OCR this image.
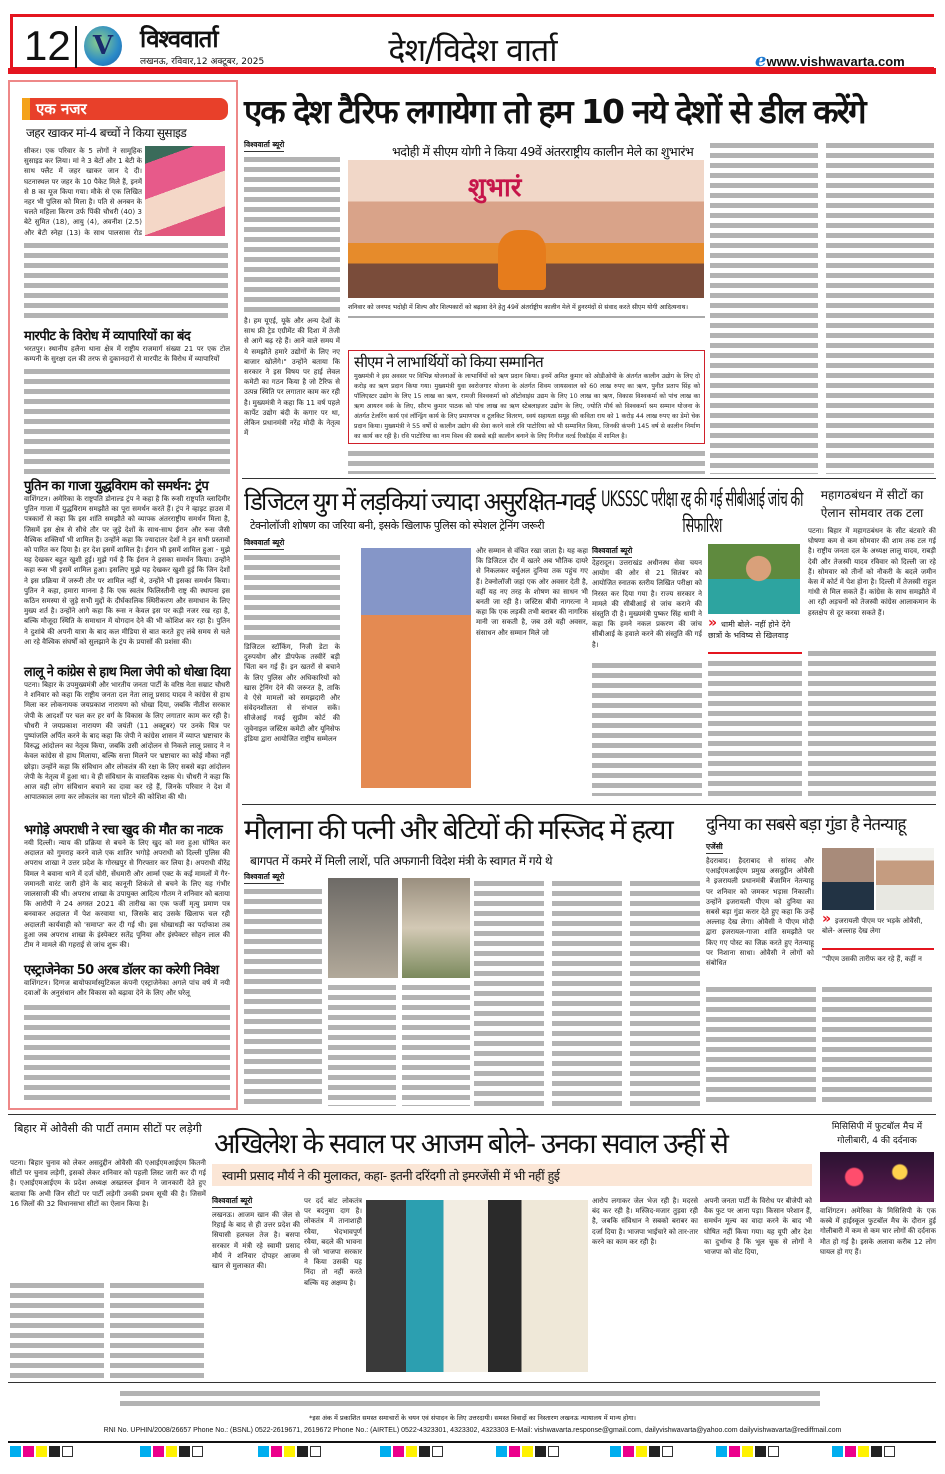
12 V	विश्ववार्ता
लखनऊ, रविवार,12 अक्टूबर, 2025	देश/विदेश वार्ता	ewww.vishwavarta.com
एक नजर
जहर खाकर मां-4 बच्चों ने किया सुसाइड
सीकर। एक परिवार के 5 लोगों ने सामूहिक सुसाइड कर लिया। मां ने 3 बेटों और 1 बेटी के साथ फ्लैट में जहर खाकर जान दे दी। घटनास्थल पर जहर के 10 पैकेट मिले हैं, इनमें से 8 का यूज किया गया। मौके से एक लिखित नहर भी पुलिस को मिला है। पति से अनबन के चलते महिला किरण उर्फ पिंकी चौधरी (40) 3 बेटे सुमित (18), आयु (4), अवनीश (2.5) और बेटी स्नेहा (13) के साथ पालसास रोड
मारपीट के विरोध में व्यापारियों का बंद
भरतपुर। स्थानीय हलैना थाना क्षेत्र में राष्ट्रीय राजमार्ग संख्या 21 पर एक टोल कम्पनी के सुरक्षा दल की तरफ से दुकानदारों से मारपीट के विरोध में व्यापारियों
पुतिन का गाजा युद्धविराम को समर्थन: ट्रंप
वाशिंगटन। अमेरिका के राष्ट्रपति डोनाल्ड ट्रंप ने कहा है कि रूसी राष्ट्रपति व्लादिमीर पुतिन गाजा में युद्धविराम समझौते का पूरा समर्थन करते हैं। ट्रंप ने व्हाइट हाउस में पत्रकारों से कहा कि इस शांति समझौते को व्यापक अंतरराष्ट्रीय समर्थन मिला है, जिसमें इस क्षेत्र से सीधे तौर पर जुड़े देशों के साथ-साथ ईरान और रूस जैसी वैश्विक शक्तियाँ भी शामिल हैं। उन्होंने कहा कि ज्यादातर देशों ने इन सभी प्रस्तावों को पारित कर दिया है। हर देश इसमें शामिल है। ईरान भी इसमें शामिल हुआ - मुझे यह देखकर बहुत खुशी हुई। मुझे गर्व है कि ईरान ने इसका समर्थन किया। उन्होंने कहा रूस भी इसमें शामिल हुआ। इसलिए मुझे यह देखकर खुशी हुई कि जिन देशों ने इस प्रक्रिया में जरूरी तौर पर शामिल नहीं थे, उन्होंने भी इसका समर्थन किया। पुतिन ने कहा, हमारा मानना है कि एक स्वतंत्र फिलिस्तीनी राष्ट्र की स्थापना इस कठिन समस्या से जुड़े सभी मुद्दों के दीर्घकालिक स्थिरीकरण और समाधान के लिए मुख्य शर्त है। उन्होंने आगे कहा कि रूस न केवल इस पर कड़ी नजर रख रहा है, बल्कि मौजूदा स्थिति के समाधान में योगदान देने की भी कोशिश कर रहा है। पुतिन ने दुशांबे की अपनी यात्रा के बाद कल मीडिया से बात करते हुए लंबे समय से चले आ रहे वैश्विक संघर्षों को सुलझाने के ट्रंप के प्रयासों की प्रशंसा की।
लालू ने कांग्रेस से हाथ मिला जेपी को धोखा दिया
पटना। बिहार के उपमुख्यमंत्री और भारतीय जनता पार्टी के वरिष्ठ नेता सम्राट चौधरी ने शनिवार को कहा कि राष्ट्रीय जनता दल नेता लालू प्रसाद यादव ने कांग्रेस से हाथ मिला कर लोकनायक जयप्रकाश नारायण को धोखा दिया, जबकि नीतीश सरकार जेपी के आदर्शों पर चल कर हर वर्ग के विकास के लिए लगातार काम कर रही है। चौधरी ने जयप्रकाश नारायण की जयंती (11 अक्टूबर) पर उनके चित्र पर पुष्पांजलि अर्पित करने के बाद कहा कि जेपी ने कांग्रेस शासन में व्याप्त भ्रष्टाचार के विरुद्ध आंदोलन का नेतृत्व किया, जबकि उसी आंदोलन से निकले लालू प्रसाद ने न केवल कांग्रेस से हाथ मिलाया, बल्कि सत्ता मिलने पर भ्रष्टाचार का कोई मौका नहीं छोड़ा। उन्होंने कहा कि संविधान और लोकतंत्र की रक्षा के लिए सबसे बड़ा आंदोलन जेपी के नेतृत्व में हुआ था। वे ही संविधान के वास्तविक रक्षक थे। चौधरी ने कहा कि आज वही लोग संविधान बचाने का दावा कर रहे हैं, जिनके परिवार ने देश में आपातकाल लगा कर लोकतंत्र का गला घोंटने की कोशिश की थी।
भगोड़े अपराधी ने रचा खुद की मौत का नाटक
नयी दिल्ली। न्याय की प्रक्रिया से बचने के लिए खुद को मरा हुआ घोषित कर अदालत को गुमराह करने वाले एक शातिर भगोड़े अपराधी को दिल्ली पुलिस की अपराध शाखा ने उत्तर प्रदेश के गोरखपुर से गिरफ्तार कर लिया है। अपराधी वीरेंद्र विमल ने बवाना थाने में दर्ज चोरी, सेंधमारी और आर्म्स एक्ट के कई मामलों में गैर-जमानती वारंट जारी होने के बाद कानूनी शिकंजे से बचने के लिए यह गंभीर जालसाजी की थी। अपराध शाखा के उपायुक्त आदित्य गौतम ने शनिवार को बताया कि आरोपी ने 24 अगस्त 2021 की तारीख का एक फर्जी मृत्यु प्रमाण पत्र बनवाकर अदालत में पेश करवाया था, जिसके बाद उसके खिलाफ चल रही अदालती कार्यवाही को 'समाप्त' कर दी गई थी। इस धोखाधड़ी का पर्दाफाश तब हुआ जब अपराध शाखा के इंस्पेक्टर सतेंद्र पूनिया और इंस्पेक्टर सोहन लाल की टीम ने मामले की गहराई से जांच शुरू की।
एस्ट्राजेनेका 50 अरब डॉलर का करेगी निवेश
वाशिंगटन। दिग्गज बायोफार्मास्युटिकल कंपनी एस्ट्राजेनेका अगले पांच वर्ष में नयी दवाओं के अनुसंधान और विकास को बढ़ावा देने के लिए और घरेलू
एक देश टैरिफ लगायेगा तो हम 10 नये देशों से डील करेंगे
भदोही में सीएम योगी ने किया 49वें अंतरराष्ट्रीय कालीन मेले का शुभारंभ
विश्ववार्ता ब्यूरो
है। हम यूएई, यूके और अन्य देशों के साथ फ्री ट्रेड एग्रीमेंट की दिशा में तेजी से आगे बढ़ रहे हैं। आने वाले समय में ये समझौते हमारे उद्योगों के लिए नए बाजार खोलेंगे।" उन्होंने बताया कि सरकार ने इस विषय पर हाई लेवल कमेटी का गठन किया है जो टैरिफ से उत्पन्न स्थिति पर लगातार काम कर रही है। मुख्यमंत्री ने कहा कि 11 वर्ष पहले कार्पेट उद्योग बंदी के कगार पर था, लेकिन प्रधानमंत्री नरेंद्र मोदी के नेतृत्व में
शुभारं
शनिवार को जनपद भदोही में शिल्प और शिल्पकारों को बढ़ावा देने हेतु 49वें अंतर्राष्ट्रीय कालीन मेले में हुनरमंदों से संवाद करते सीएम योगी आदित्यनाथ।
सीएम ने लाभार्थियों को किया सम्मानित
मुख्यमंत्री ने इस अवसर पर विभिन्न योजनाओं के लाभार्थियों को ऋण प्रदान किया। इनमें अमित कुमार को ओडीओपी के अंतर्गत कालीन उद्योग के लिए दो करोड़ का ऋण प्रदान किया गया। मुख्यमंत्री युवा स्वरोजगार योजना के अंतर्गत शिवम जायसवाल को 60 लाख रुपए का ऋण, पुनीत प्रताप सिंह को पॉलिएस्टर उद्योग के लिए 15 लाख का ऋण, रामजी विश्वकर्मा को ऑटोवाइंस उद्यम के लिए 10 लाख का ऋण, विकास विश्वकर्मा को पांच लाख का ऋण आयरन वर्क के लिए, सौरभ कुमार पाठक को पांच लाख का ऋण स्टेबलाइजर उद्योग के लिए, ज्योति मौर्य को विश्वकर्मा श्रम सम्मान योजना के अंतर्गत टेलरिंग कार्य एवं लॉन्ड्रिंग कार्य के लिए प्रमाणपत्र व टूलकिट वितरण, स्वयं सहायता समूह की कविता राय को 1 करोड़ 44 लाख रुपए का डेमो चेक प्रदान किया। मुख्यमंत्री ने 55 वर्षों से कालीन उद्योग की सेवा करने वाले रवि पाटोरिया को भी सम्मानित किया, जिनकी कंपनी 145 वर्ष से कालीन निर्माण का कार्य कर रही है। रवि पाटोरिया का नाम विश्व की सबसे बड़ी कालीन बनाने के लिए गिनीज वर्ल्ड रिकॉर्ड्स में शामिल है।
डिजिटल युग में लड़कियां ज्यादा असुरक्षित-गवई
टेक्नोलॉजी शोषण का जरिया बनी, इसके खिलाफ पुलिस को स्पेशल ट्रेनिंग जरूरी
विश्ववार्ता ब्यूरो
डिजिटल स्टॉकिंग, निजी डेटा के दुरुपयोग और डीपफेक तस्वीरें बड़ी चिंता बन गई हैं। इन खतरों से बचाने के लिए पुलिस और अधिकारियों को खास ट्रेनिंग देने की जरूरत है, ताकि वे ऐसे मामलों को समझदारी और संवेदनशीलता से संभाल सकें। सीजेआई गवई सुप्रीम कोर्ट की जुवेनाइल जस्टिस कमेटी और यूनिसेफ इंडिया द्वारा आयोजित राष्ट्रीय सम्मेलन
और सम्मान से वंचित रखा जाता है। यह कहा कि डिजिटल दौर में खतरे अब भौतिक दायरे से निकलकर वर्चुअल दुनिया तक पहुंच गए हैं। टेक्नोलॉजी जहां एक ओर अवसर देती है, वहीं यह नए तरह के शोषण का साधन भी बनती जा रही है। जस्टिस बीवी नागरत्ना ने कहा कि एक लड़की तभी बराबर की नागरिक मानी जा सकती है, जब उसे वही अवसर, संसाधन और सम्मान मिले जो
UKSSSC परीक्षा रद्द की गई सीबीआई जांच की सिफारिश
विश्ववार्ता ब्यूरो
देहरादून। उत्तराखंड अधीनस्थ सेवा चयन आयोग की ओर से 21 सितंबर को आयोजित स्नातक स्तरीय लिखित परीक्षा को निरस्त कर दिया गया है। राज्य सरकार ने मामले की सीबीआई से जांच कराने की संस्तुति दी है। मुख्यमंत्री पुष्कर सिंह धामी ने कहा कि हमने नकल प्रकरण की जांच सीबीआई के हवाले करने की संस्तुति की गई है।
» धामी बोले- नहीं होने देंगे छात्रों के भविष्य से खिलवाड़
महागठबंधन में सीटों का ऐलान सोमवार तक टला
पटना। बिहार में महागठबंधन के सीट बंटवारे की घोषणा कम से कम सोमवार की शाम तक टल गई है। राष्ट्रीय जनता दल के अध्यक्ष लालू यादव, राबड़ी देवी और तेजस्वी यादव रविवार को दिल्ली जा रहे हैं। सोमवार को तीनों को नौकरी के बदले जमीन केस में कोर्ट में पेश होना है। दिल्ली में तेजस्वी राहुल गांधी से मिल सकते हैं। कांग्रेस के साथ समझौते में आ रही अड़चनों को तेजस्वी कांग्रेस आलाकमान के हस्तक्षेप से दूर करवा सकते हैं।
मौलाना की पत्नी और बेटियों की मस्जिद में हत्या
बागपत में कमरे में मिली लाशें, पति अफगानी विदेश मंत्री के स्वागत में गये थे
विश्ववार्ता ब्यूरो
दुनिया का सबसे बड़ा गुंडा है नेतन्याहू
एजेंसी
हैदराबाद। हैदराबाद से सांसद और एआईएमआईएम प्रमुख असदुद्दीन ओवैसी ने इजरायली प्रधानमंत्री बेंजामिन नेतन्याहू पर शनिवार को जमकर भड़ास निकाली। उन्होंने इजरायली पीएम को दुनिया का सबसे बड़ा गुंडा करार देते हुए कहा कि उन्हें अल्लाह देख लेगा। ओवैसी ने पीएम मोदी द्वारा इजरायल-गाजा शांति समझौते पर किए गए पोस्ट का जिक्र करते हुए नेतन्याहू पर निशाना साधा। ओवैसी ने लोगों को संबोधित
» इजरायली पीएम पर भड़के ओवैसी, बोले- अल्लाह देख लेगा
"पीएम उसकी तारीफ कर रहे हैं, कहीं न
बिहार में ओवैसी की पार्टी तमाम सीटों पर लड़ेगी
पटना। बिहार चुनाव को लेकर असदुद्दीन ओवैसी की एआईएमआईएम कितनी सीटों पर चुनाव लड़ेगी, इसको लेकर शनिवार को पहली लिस्ट जारी कर दी गई है। एआईएमआईएम के प्रदेश अध्यक्ष अख्तरुल ईमान ने जानकारी देते हुए बताया कि अभी जिन सीटों पर पार्टी लड़ेगी उनकी प्रथम सूची की है। जिसमें 16 जिलों की 32 विधानसभा सीटों का ऐलान किया है।
अखिलेश के सवाल पर आजम बोले- उनका सवाल उन्हीं से
स्वामी प्रसाद मौर्य ने की मुलाकत, कहा- इतनी दरिंदगी तो इमरजेंसी में भी नहीं हुई
विश्ववार्ता ब्यूरो
लखनऊ। आजम खान की जेल से रिहाई के बाद से ही उत्तर प्रदेश की सियासी हलचल तेज है। बसपा सरकार में मंत्री रहे स्वामी प्रसाद मौर्य ने शनिवार दोपहर आजम खान से मुलाकात की।
पर दर्द बांट लोकतंत्र पर बदनुमा दाग है। लोकतंत्र में तानाशाही रवैया, भेदभावपूर्ण रवैया, बदले की भावना से जो भाजपा सरकार ने किया उसकी यह निंदा तो नहीं करते बल्कि यह अक्षम्य है।
आरोप लगाकर जेल भेज रही है। मदरसे बंद कर रही है। मस्जिद-मजार तुड़वा रही है, जबकि संविधान ने सबको बराबर का दर्जा दिया है। भाजपा भाईचारे को तार-तार करने का काम कर रही है।
अपनी जनता पार्टी के विरोध पर बीजेपी को वैक फुट पर आना पड़ा। किसान परेशान हैं, समर्थन मूल्य का वादा करने के बाद भी घोषित नहीं किया गया। यह यूपी और देश का दुर्भाग्य है कि भूल चूक से लोगों ने भाजपा को वोट दिया,
मिसिसिपी में फुटबॉल मैच में गोलीबारी, 4 की दर्दनाक
वाशिंगटन। अमेरिका के मिसिसिपी के एक कस्बे में हाईस्कूल फुटबॉल मैच के दौरान हुई गोलीबारी में कम से कम चार लोगों की दर्दनाक मौत हो गई है। इसके अलावा करीब 12 लोग घायल हो गए हैं।
*इस अंक में प्रकाशित समस्त समाचारों के चयन एवं संपादन के लिए उत्तरदायी। समस्त विवादों का निस्तारण लखनऊ न्यायालय में मान्य होगा।
RNI No. UPHIN/2008/26657 Phone No.: (BSNL) 0522-2619671, 2619672 Phone No.: (AIRTEL) 0522-4323301, 4323302, 4323303 E-Mail: vishwavarta.response@gmail.com, dailyvishwavarta@yahoo.com dailyvishwavarta@rediffmail.com
